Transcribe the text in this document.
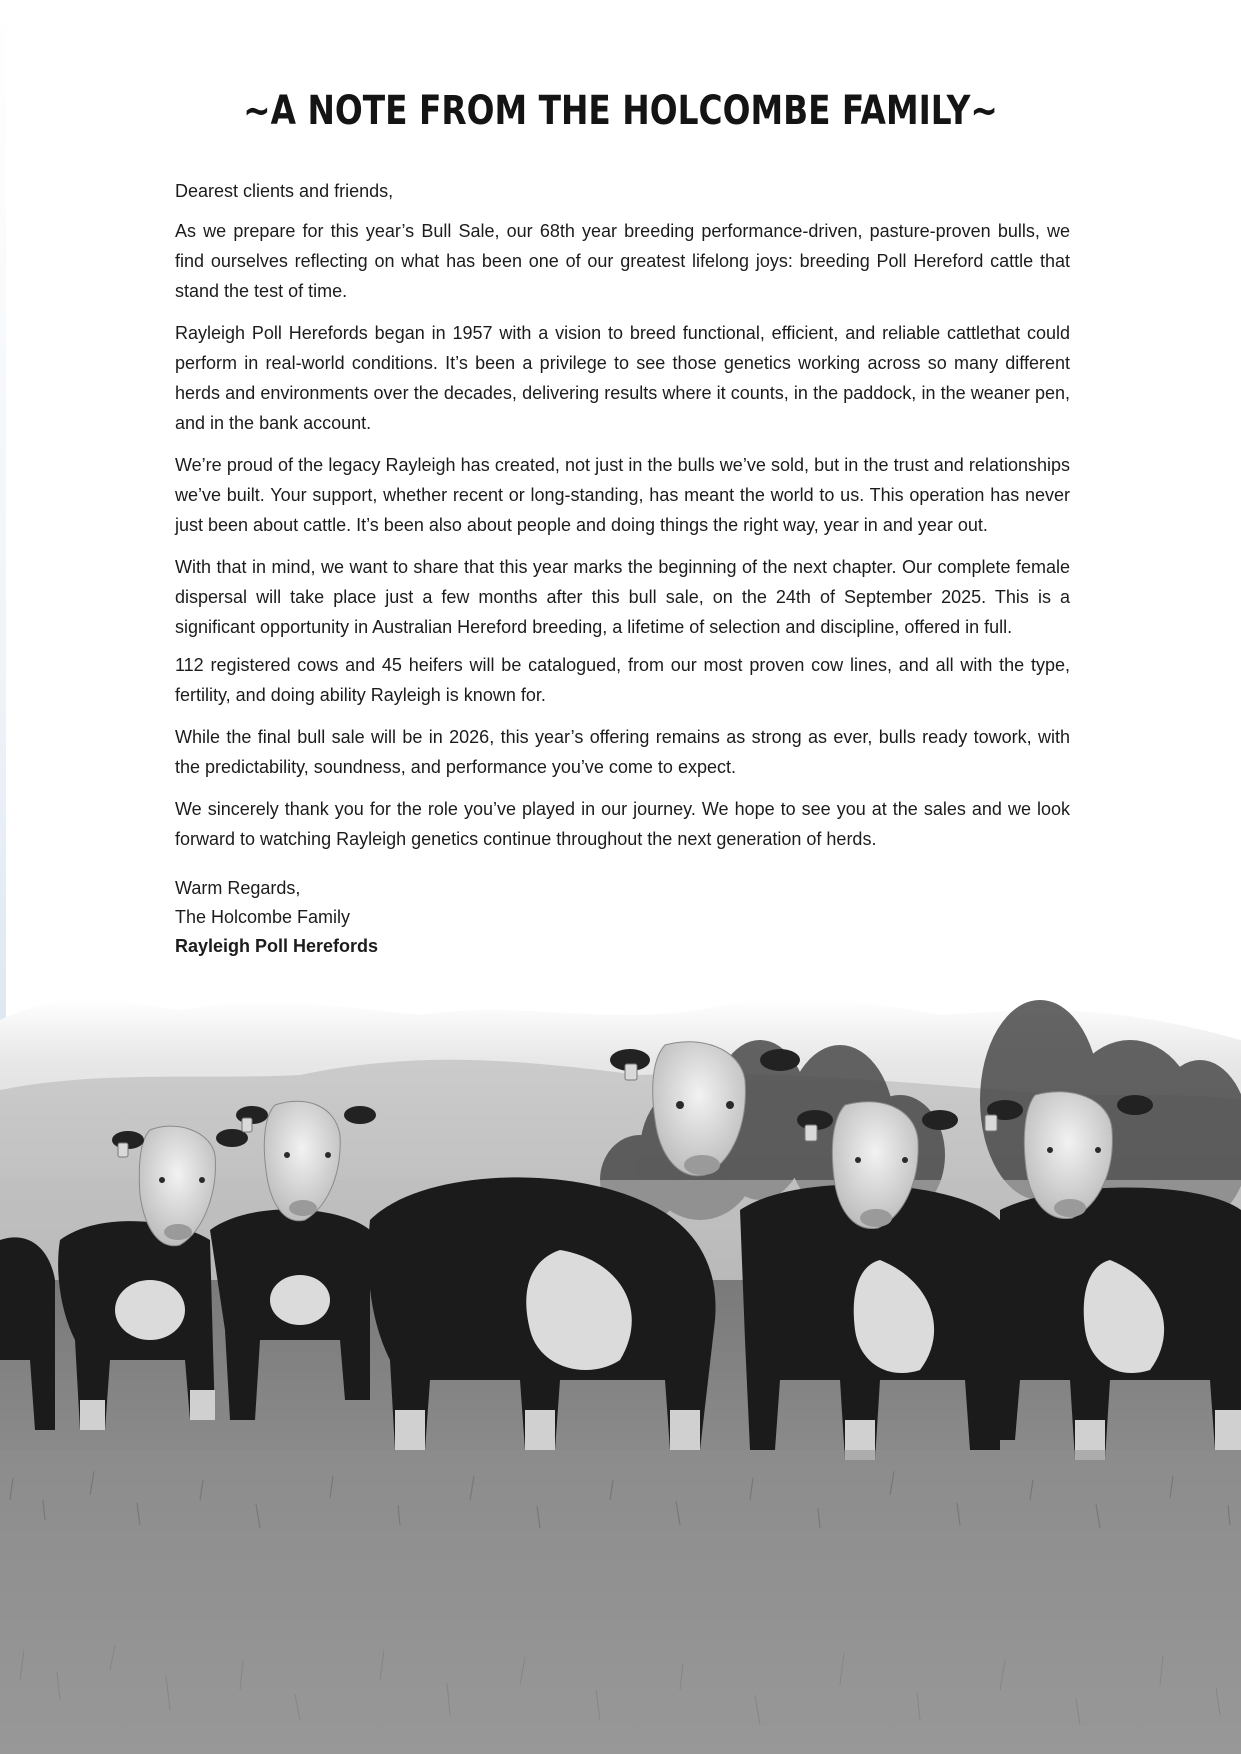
~A NOTE FROM THE HOLCOMBE FAMILY~

Dearest clients and friends,

As we prepare for this year’s Bull Sale, our 68th year breeding performance-driven, pasture-proven bulls, we find ourselves reflecting on what has been one of our greatest lifelong joys: breeding Poll Hereford cattle that stand the test of time.

Rayleigh Poll Herefords began in 1957 with a vision to breed functional, efficient, and reliable cattlethat could perform in real-world conditions. It’s been a privilege to see those genetics working across so many different herds and environments over the decades, delivering results where it counts, in the paddock, in the weaner pen, and in the bank account.

We’re proud of the legacy Rayleigh has created, not just in the bulls we’ve sold, but in the trust and relationships we’ve built. Your support, whether recent or long-standing, has meant the world to us. This operation has never just been about cattle. It’s been also about people and doing things the right way, year in and year out.

With that in mind, we want to share that this year marks the beginning of the next chapter. Our complete female dispersal will take place just a few months after this bull sale, on the 24th of September 2025. This is a significant opportunity in Australian Hereford breeding, a lifetime of selection and discipline, offered in full.

112 registered cows and 45 heifers will be catalogued, from our most proven cow lines, and all with the type, fertility, and doing ability Rayleigh is known for.

While the final bull sale will be in 2026, this year’s offering remains as strong as ever, bulls ready towork, with the predictability, soundness, and performance you’ve come to expect.

We sincerely thank you for the role you’ve played in our journey. We hope to see you at the sales and we look forward to watching Rayleigh genetics continue throughout the next generation of herds.

Warm Regards,
The Holcombe Family
Rayleigh Poll Herefords
